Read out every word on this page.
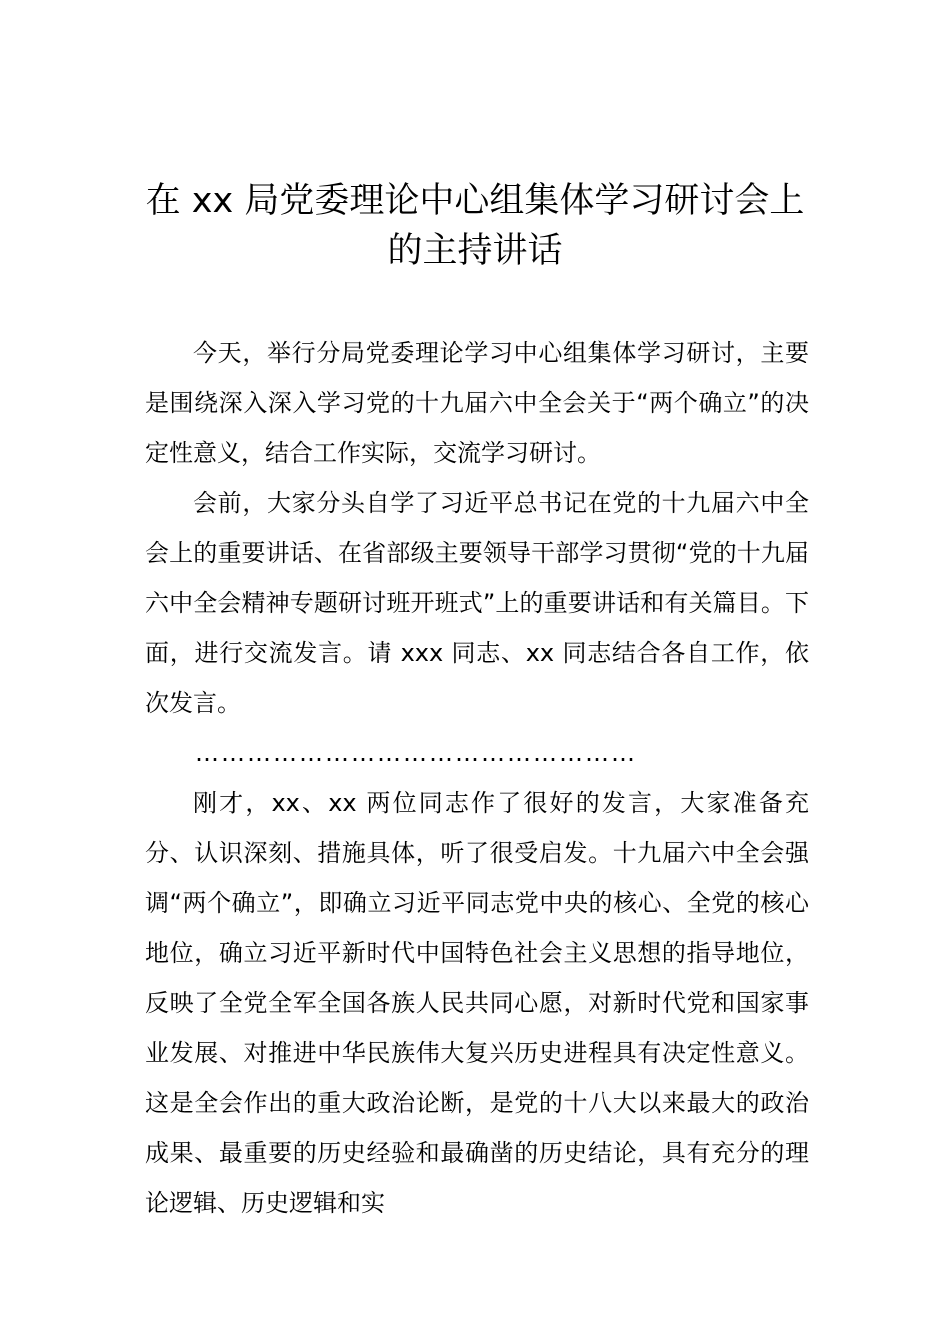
在 xx 局党委理论中心组集体学习研讨会上
的主持讲话

今天，举行分局党委理论学习中心组集体学习研讨，主要是围绕深入深入学习党的十九届六中全会关于“两个确立”的决定性意义，结合工作实际，交流学习研讨。

会前，大家分头自学了习近平总书记在党的十九届六中全会上的重要讲话、在省部级主要领导干部学习贯彻“党的十九届六中全会精神专题研讨班开班式”上的重要讲话和有关篇目。下面，进行交流发言。请 xxx 同志、xx 同志结合各自工作，依次发言。

……………………………………………

刚才，xx、xx 两位同志作了很好的发言，大家准备充分、认识深刻、措施具体，听了很受启发。十九届六中全会强调“两个确立”，即确立习近平同志党中央的核心、全党的核心地位，确立习近平新时代中国特色社会主义思想的指导地位，反映了全党全军全国各族人民共同心愿，对新时代党和国家事业发展、对推进中华民族伟大复兴历史进程具有决定性意义。这是全会作出的重大政治论断，是党的十八大以来最大的政治成果、最重要的历史经验和最确凿的历史结论，具有充分的理论逻辑、历史逻辑和实
